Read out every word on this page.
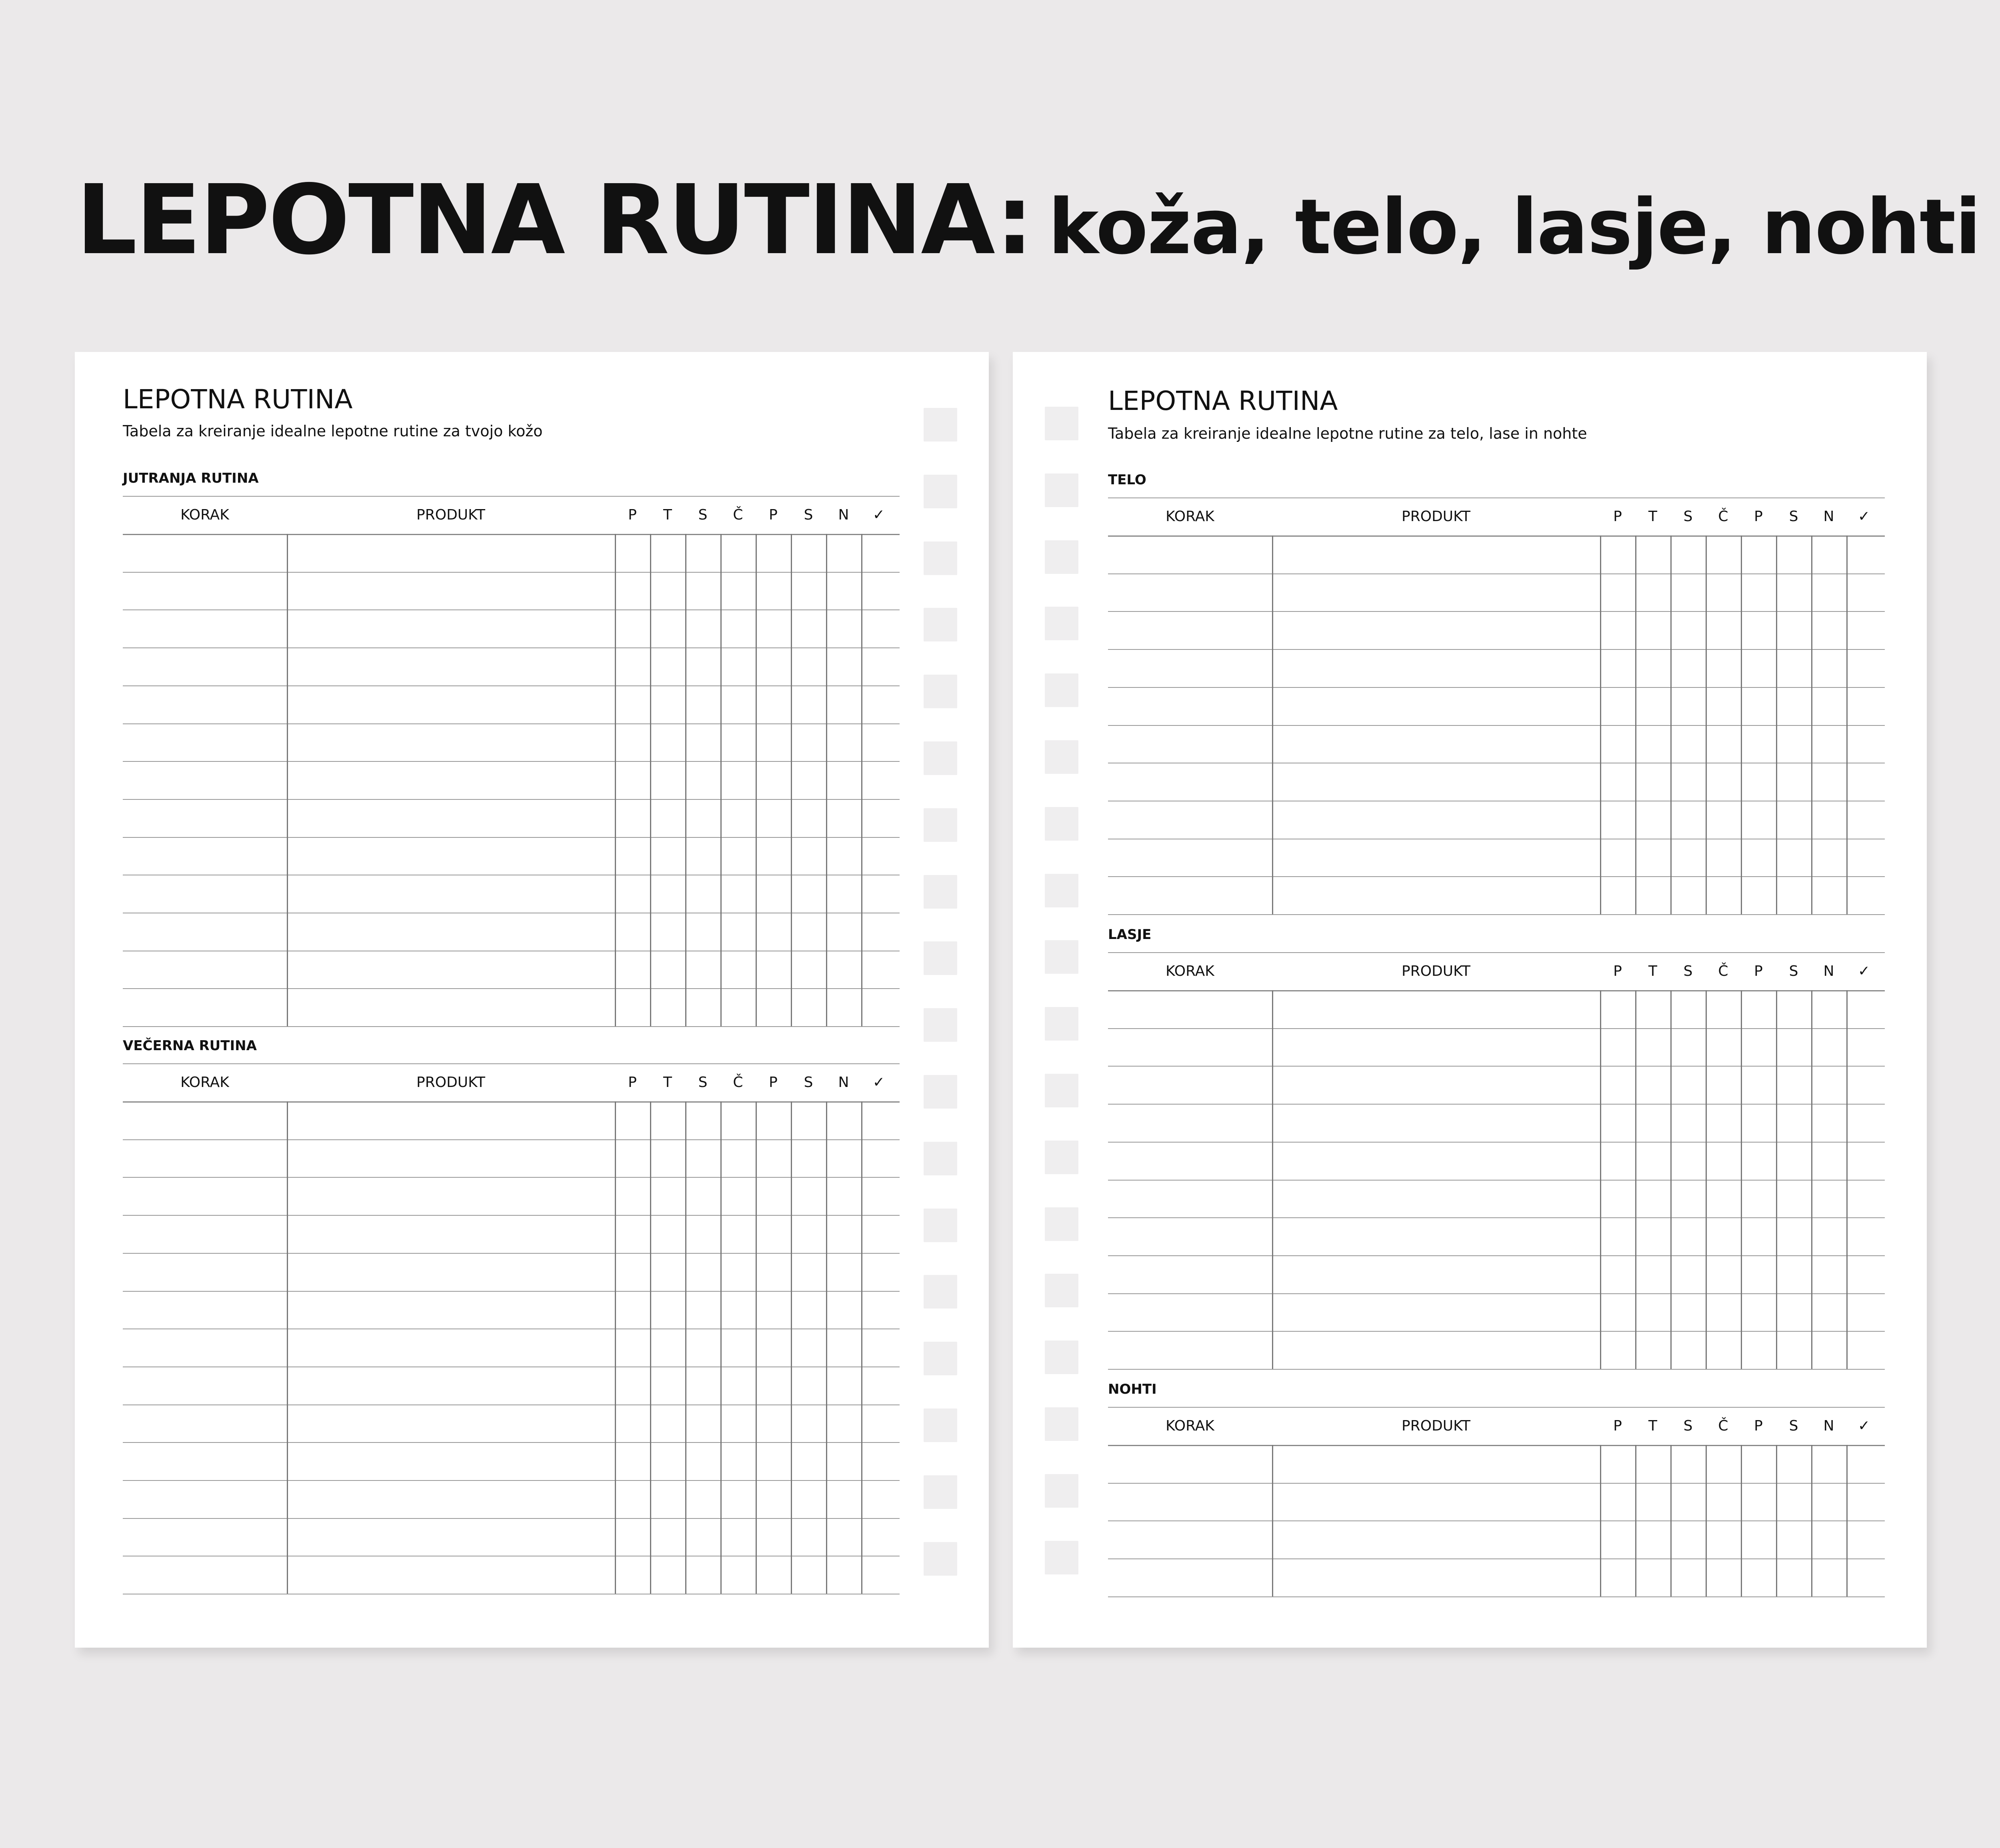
LEPOTNA RUTINA: koža, telo, lasje, nohti
LEPOTNA RUTINA
Tabela za kreiranje idealne lepotne rutine za tvojo kožo
JUTRANJA RUTINA
KORAK	PRODUKT	P	T	S	Č	P	S	N	✓
VEČERNA RUTINA
KORAK	PRODUKT	P	T	S	Č	P	S	N	✓
LEPOTNA RUTINA
Tabela za kreiranje idealne lepotne rutine za telo, lase in nohte
TELO
KORAK	PRODUKT	P	T	S	Č	P	S	N	✓
LASJE
KORAK	PRODUKT	P	T	S	Č	P	S	N	✓
NOHTI
KORAK	PRODUKT	P	T	S	Č	P	S	N	✓
